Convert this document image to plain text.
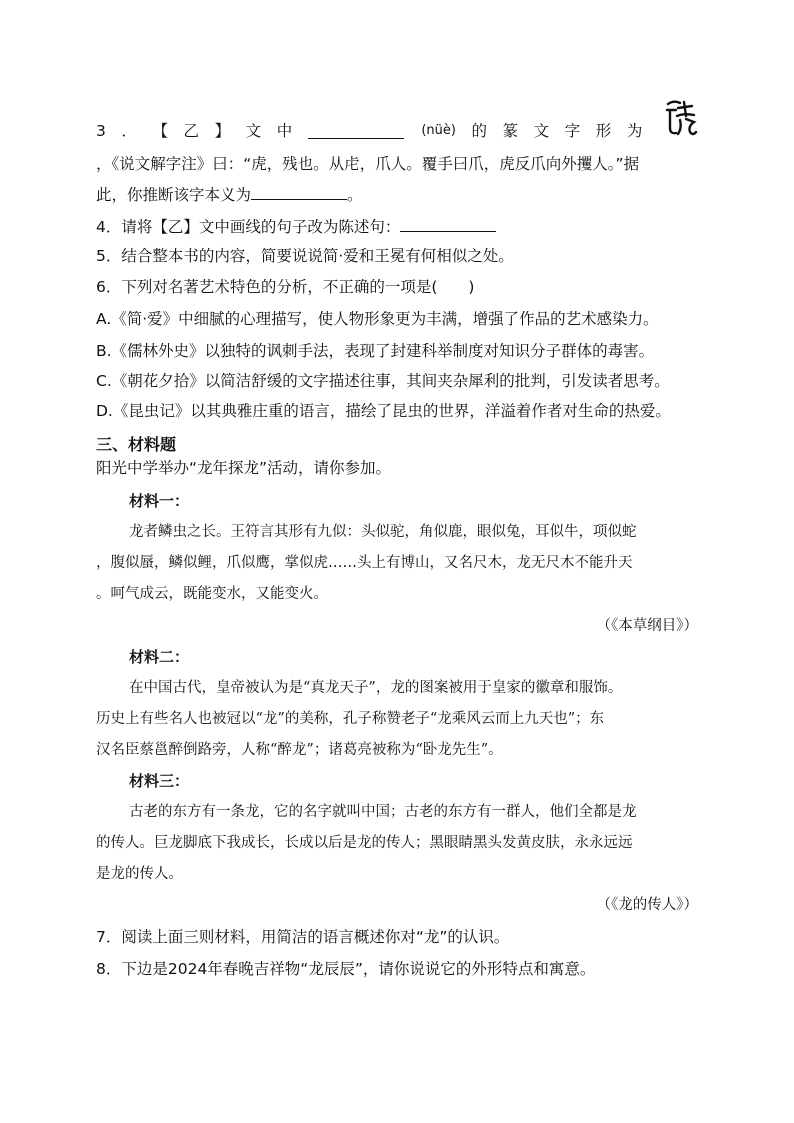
3 ． 【 乙 】 文 中	(nüè) 的 篆 文 字 形 为
，《说文解字注》曰：“虎，残也。从虍，爪人。覆手曰爪，虎反爪向外攫人。”据
此，你推断该字本义为	。
4．请将【乙】文中画线的句子改为陈述句：
5．结合整本书的内容，简要说说简·爱和王冕有何相似之处。
6．下列对名著艺术特色的分析，不正确的一项是(　　)
A.《简·爱》中细腻的心理描写，使人物形象更为丰满，增强了作品的艺术感染力。
B.《儒林外史》以独特的讽刺手法，表现了封建科举制度对知识分子群体的毒害。
C.《朝花夕拾》以简洁舒缓的文字描述往事，其间夹杂犀利的批判，引发读者思考。
D.《昆虫记》以其典雅庄重的语言，描绘了昆虫的世界，洋溢着作者对生命的热爱。
三、材料题
阳光中学举办“龙年探龙”活动，请你参加。
材料一：
龙者鳞虫之长。王符言其形有九似：头似驼，角似鹿，眼似兔，耳似牛，项似蛇
，腹似蜃，鳞似鲤，爪似鹰，掌似虎……头上有博山，又名尺木，龙无尺木不能升天
。呵气成云，既能变水，又能变火。
（《本草纲目》）
材料二：
在中国古代，皇帝被认为是“真龙天子”，龙的图案被用于皇家的徽章和服饰。
历史上有些名人也被冠以“龙”的美称，孔子称赞老子“龙乘风云而上九天也”；东
汉名臣蔡邕醉倒路旁，人称“醉龙”；诸葛亮被称为“卧龙先生”。
材料三：
古老的东方有一条龙，它的名字就叫中国；古老的东方有一群人，他们全都是龙
的传人。巨龙脚底下我成长，长成以后是龙的传人；黑眼睛黑头发黄皮肤，永永远远
是龙的传人。
（《龙的传人》）
7．阅读上面三则材料，用简洁的语言概述你对“龙”的认识。
8．下边是2024年春晚吉祥物“龙辰辰”，请你说说它的外形特点和寓意。
